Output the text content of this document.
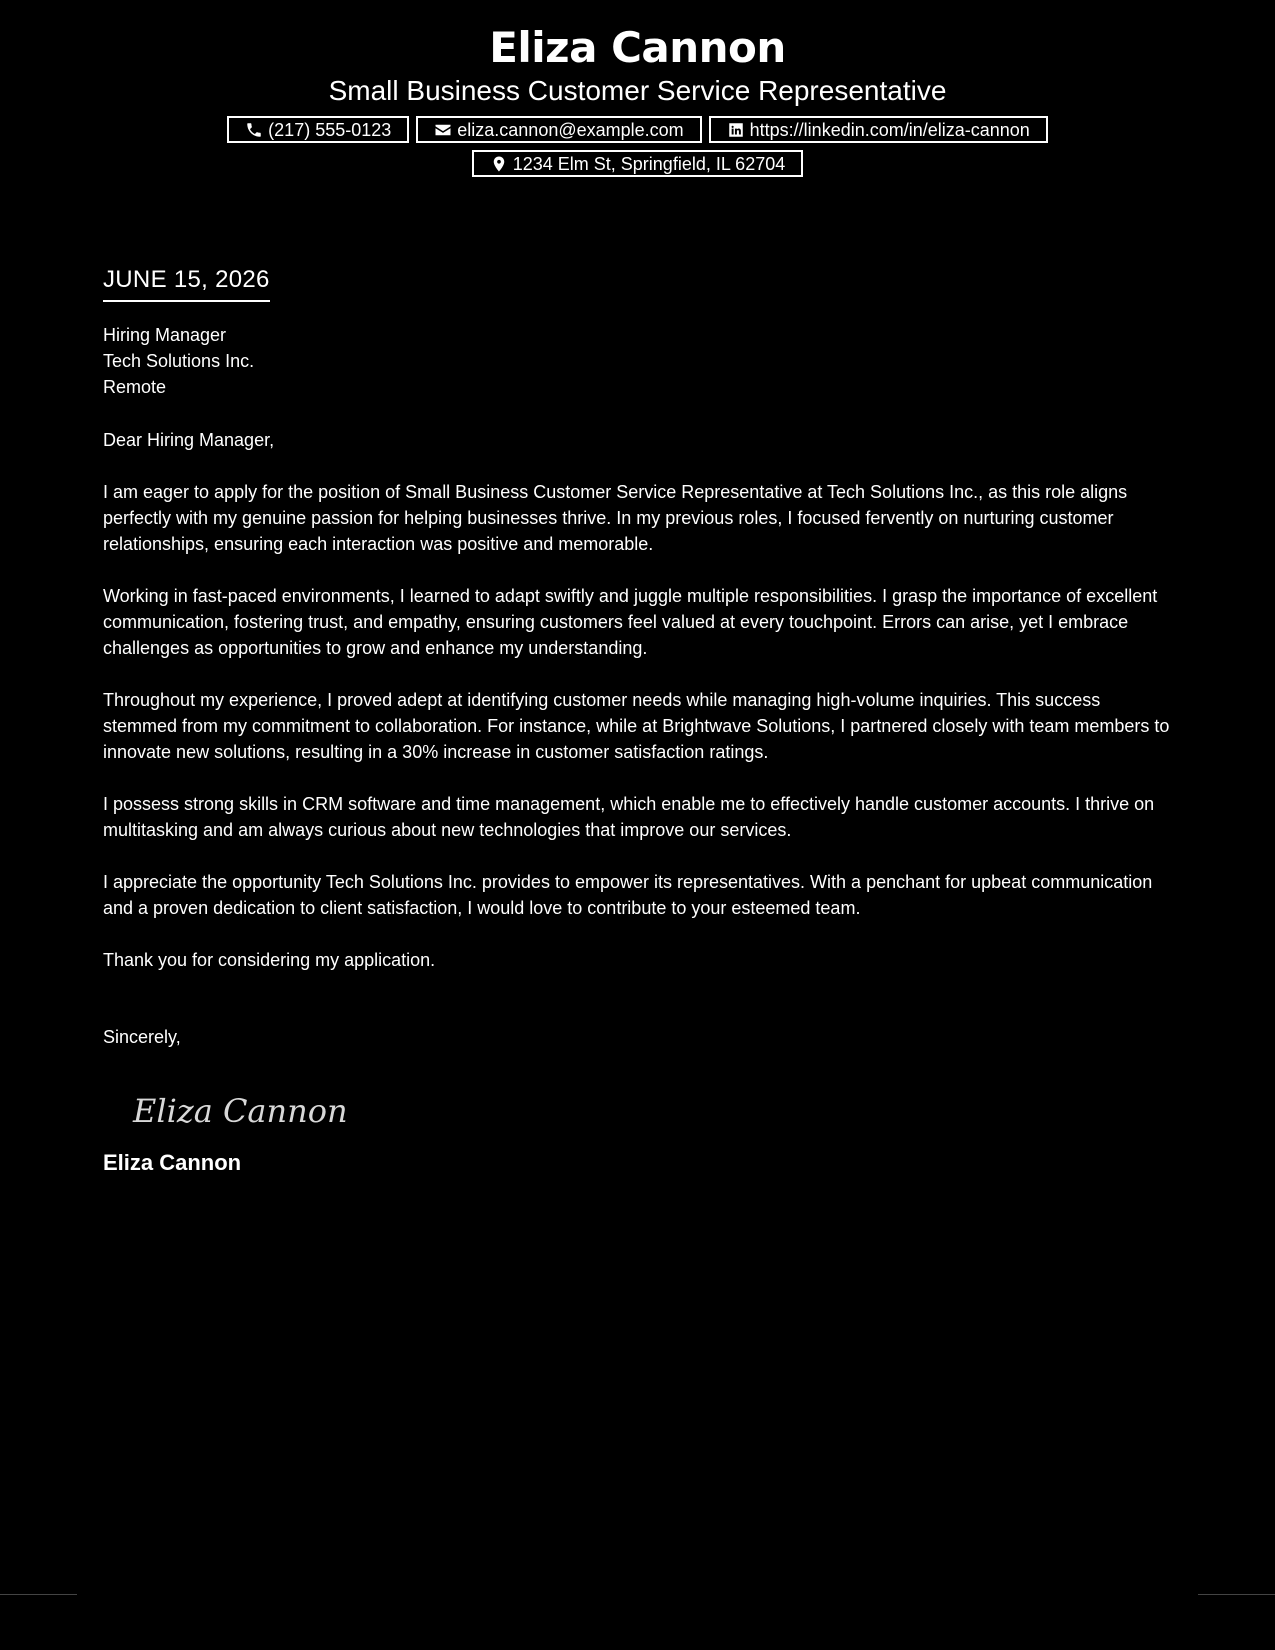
Eliza Cannon
Small Business Customer Service Representative
(217) 555-0123	eliza.cannon@example.com	https://linkedin.com/in/eliza-cannon
1234 Elm St, Springfield, IL 62704
JUNE 15, 2026
Hiring Manager
Tech Solutions Inc.
Remote
Dear Hiring Manager,

I am eager to apply for the position of Small Business Customer Service Representative at Tech Solutions Inc., as this role aligns perfectly with my genuine passion for helping businesses thrive. In my previous roles, I focused fervently on nurturing customer relationships, ensuring each interaction was positive and memorable.

Working in fast-paced environments, I learned to adapt swiftly and juggle multiple responsibilities. I grasp the importance of excellent communication, fostering trust, and empathy, ensuring customers feel valued at every touchpoint. Errors can arise, yet I embrace challenges as opportunities to grow and enhance my understanding.

Throughout my experience, I proved adept at identifying customer needs while managing high-volume inquiries. This success stemmed from my commitment to collaboration. For instance, while at Brightwave Solutions, I partnered closely with team members to innovate new solutions, resulting in a 30% increase in customer satisfaction ratings.

I possess strong skills in CRM software and time management, which enable me to effectively handle customer accounts. I thrive on multitasking and am always curious about new technologies that improve our services.

I appreciate the opportunity Tech Solutions Inc. provides to empower its representatives. With a penchant for upbeat communication and a proven dedication to client satisfaction, I would love to contribute to your esteemed team.

Thank you for considering my application.

Sincerely,
Eliza Cannon
Eliza Cannon
